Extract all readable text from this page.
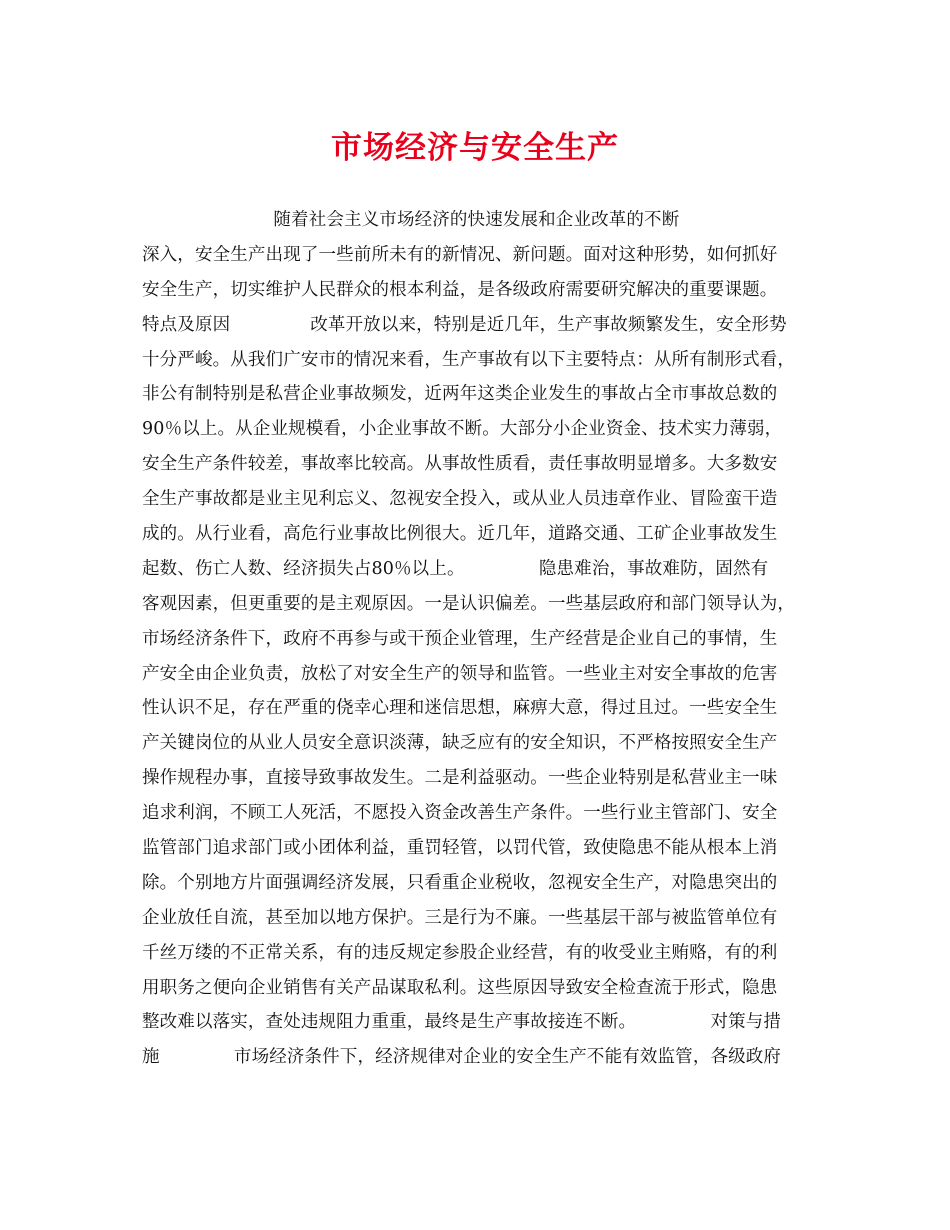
市场经济与安全生产
随着社会主义市场经济的快速发展和企业改革的不断
深入，安全生产出现了一些前所未有的新情况、新问题。面对这种形势，如何抓好
安全生产，切实维护人民群众的根本利益，是各级政府需要研究解决的重要课题。
特点及原因              改革开放以来，特别是近几年，生产事故频繁发生，安全形势
十分严峻。从我们广安市的情况来看，生产事故有以下主要特点：从所有制形式看，
非公有制特别是私营企业事故频发，近两年这类企业发生的事故占全市事故总数的
90％以上。从企业规模看，小企业事故不断。大部分小企业资金、技术实力薄弱，
安全生产条件较差，事故率比较高。从事故性质看，责任事故明显增多。大多数安
全生产事故都是业主见利忘义、忽视安全投入，或从业人员违章作业、冒险蛮干造
成的。从行业看，高危行业事故比例很大。近几年，道路交通、工矿企业事故发生
起数、伤亡人数、经济损失占80％以上。             隐患难治，事故难防，固然有
客观因素，但更重要的是主观原因。一是认识偏差。一些基层政府和部门领导认为，
市场经济条件下，政府不再参与或干预企业管理，生产经营是企业自己的事情，生
产安全由企业负责，放松了对安全生产的领导和监管。一些业主对安全事故的危害
性认识不足，存在严重的侥幸心理和迷信思想，麻痹大意，得过且过。一些安全生
产关键岗位的从业人员安全意识淡薄，缺乏应有的安全知识，不严格按照安全生产
操作规程办事，直接导致事故发生。二是利益驱动。一些企业特别是私营业主一味
追求利润，不顾工人死活，不愿投入资金改善生产条件。一些行业主管部门、安全
监管部门追求部门或小团体利益，重罚轻管，以罚代管，致使隐患不能从根本上消
除。个别地方片面强调经济发展，只看重企业税收，忽视安全生产，对隐患突出的
企业放任自流，甚至加以地方保护。三是行为不廉。一些基层干部与被监管单位有
千丝万缕的不正常关系，有的违反规定参股企业经营，有的收受业主贿赂，有的利
用职务之便向企业销售有关产品谋取私利。这些原因导致安全检查流于形式，隐患
整改难以落实，查处违规阻力重重，最终是生产事故接连不断。             对策与措
施             市场经济条件下，经济规律对企业的安全生产不能有效监管，各级政府
